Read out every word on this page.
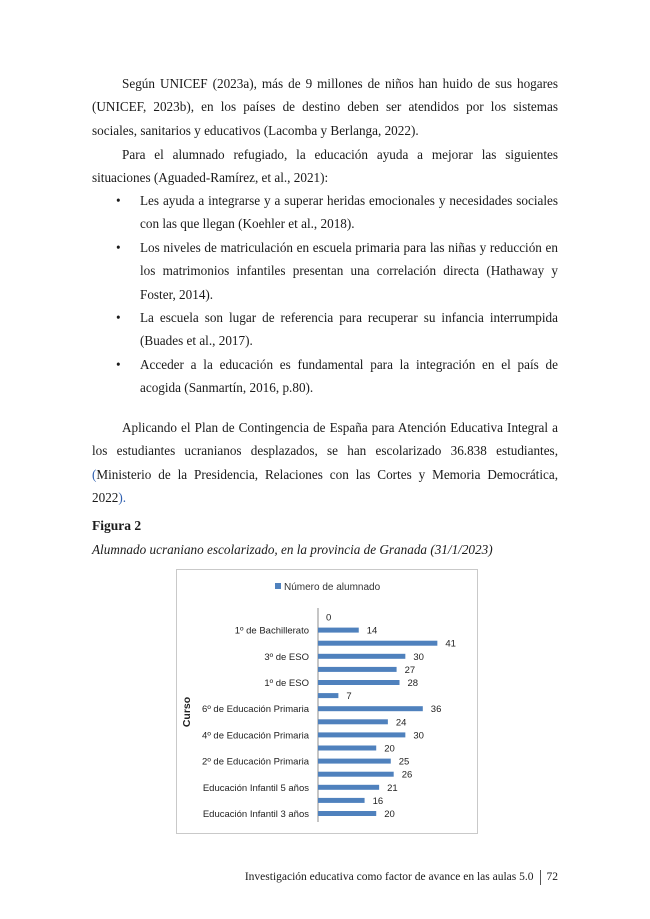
Según UNICEF (2023a), más de 9 millones de niños han huido de sus hogares (UNICEF, 2023b), en los países de destino deben ser atendidos por los sistemas sociales, sanitarios y educativos (Lacomba y Berlanga, 2022).

Para el alumnado refugiado, la educación ayuda a mejorar las siguientes situaciones (Aguaded-Ramírez, et al., 2021):

• Les ayuda a integrarse y a superar heridas emocionales y necesidades sociales con las que llegan (Koehler et al., 2018).
• Los niveles de matriculación en escuela primaria para las niñas y reducción en los matrimonios infantiles presentan una correlación directa (Hathaway y Foster, 2014).
• La escuela son lugar de referencia para recuperar su infancia interrumpida (Buades et al., 2017).
• Acceder a la educación es fundamental para la integración en el país de acogida (Sanmartín, 2016, p.80).

Aplicando el Plan de Contingencia de España para Atención Educativa Integral a los estudiantes ucranianos desplazados, se han escolarizado 36.838 estudiantes, (Ministerio de la Presidencia, Relaciones con las Cortes y Memoria Democrática, 2022).

Figura 2

Alumnado ucraniano escolarizado, en la provincia de Granada (31/1/2023)

Número de alumnado
Curso
0
14
1º de Bachillerato
41
30
3º de ESO
27
28
1º de ESO
7
36
6º de Educación Primaria
24
30
4º de Educación Primaria
20
25
2º de Educación Primaria
26
21
Educación Infantil 5 años
16
20
Educación Infantil 3 años

Investigación educativa como factor de avance en las aulas 5.0 72
